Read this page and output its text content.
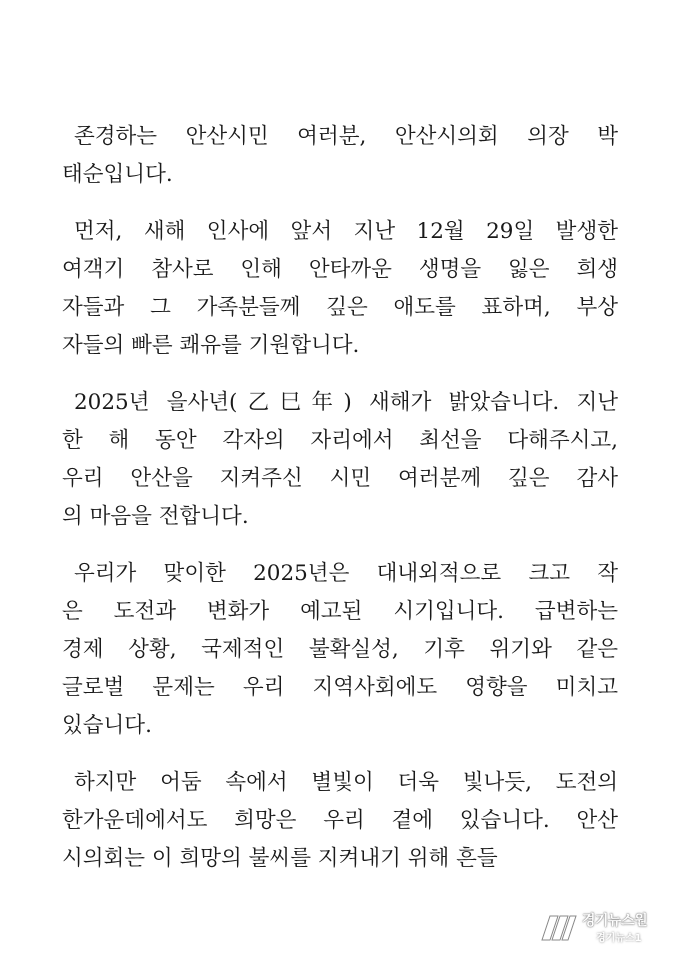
존경하는 안산시민 여러분, 안산시의회 의장 박
태순입니다.
먼저, 새해 인사에 앞서 지난 12월 29일 발생한
여객기 참사로 인해 안타까운 생명을 잃은 희생
자들과 그 가족분들께 깊은 애도를 표하며, 부상
자들의 빠른 쾌유를 기원합니다.
2025년 을사년(乙巳年) 새해가 밝았습니다. 지난
한 해 동안 각자의 자리에서 최선을 다해주시고,
우리 안산을 지켜주신 시민 여러분께 깊은 감사
의 마음을 전합니다.
우리가 맞이한 2025년은 대내외적으로 크고 작
은 도전과 변화가 예고된 시기입니다. 급변하는
경제 상황, 국제적인 불확실성, 기후 위기와 같은
글로벌 문제는 우리 지역사회에도 영향을 미치고
있습니다.
하지만 어둠 속에서 별빛이 더욱 빛나듯, 도전의
한가운데에서도 희망은 우리 곁에 있습니다. 안산
시의회는 이 희망의 불씨를 지켜내기 위해 흔들
경기뉴스원
경기뉴스1
